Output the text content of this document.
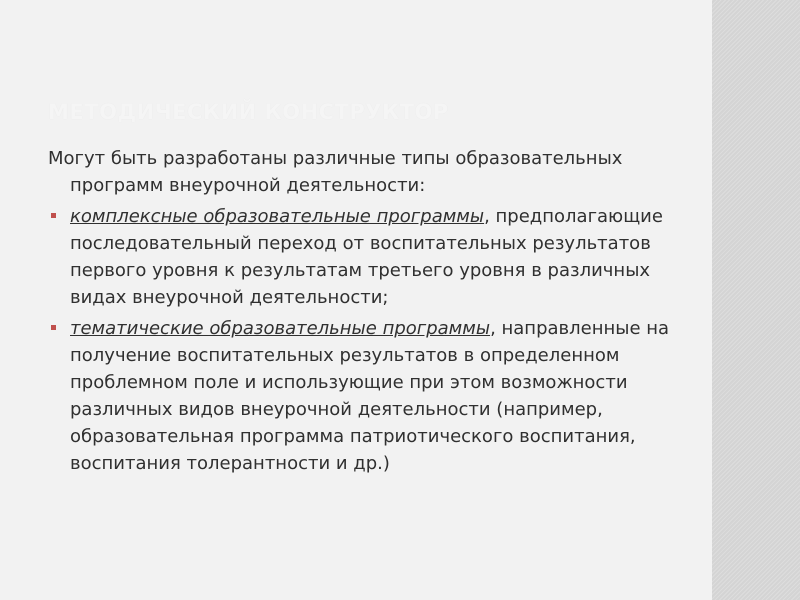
МЕТОДИЧЕСКИЙ КОНСТРУКТОР

Могут быть разработаны различные типы образовательных программ внеурочной деятельности:

комплексные образовательные программы, предполагающие последовательный переход от воспитательных результатов первого уровня к результатам третьего уровня в различных видах внеурочной деятельности;
тематические образовательные программы, направленные на получение воспитательных результатов в определенном проблемном поле и использующие при этом возможности различных видов внеурочной деятельности (например, образовательная программа патриотического воспитания, воспитания толерантности и др.)
